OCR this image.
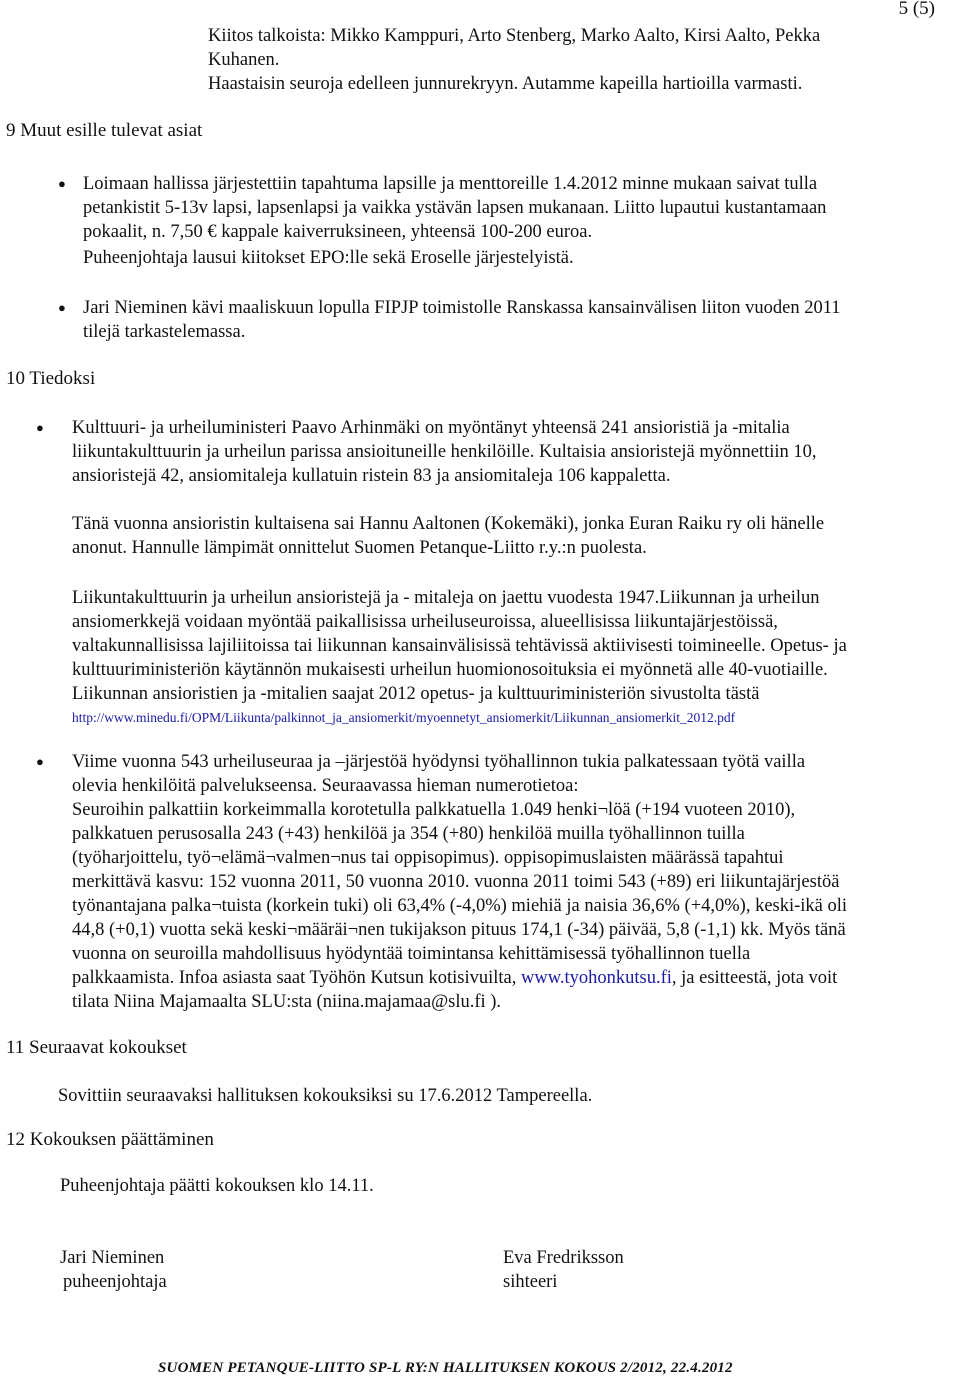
5 (5)

Kiitos talkoista: Mikko Kamppuri, Arto Stenberg, Marko Aalto, Kirsi Aalto, Pekka

Kuhanen.

Haastaisin seuroja edelleen junnurekryyn. Autamme kapeilla hartioilla varmasti.

9 Muut esille tulevat asiat

● Loimaan hallissa järjestettiin tapahtuma lapsille ja menttoreille 1.4.2012 minne mukaan saivat tulla

petankistit 5-13v lapsi, lapsenlapsi ja vaikka ystävän lapsen mukanaan. Liitto lupautui kustantamaan

pokaalit, n. 7,50 € kappale kaiverruksineen, yhteensä 100-200 euroa.

Puheenjohtaja lausui kiitokset EPO:lle sekä Eroselle järjestelyistä.

● Jari Nieminen kävi maaliskuun lopulla FIPJP toimistolle Ranskassa kansainvälisen liiton vuoden 2011

tilejä tarkastelemassa.

10 Tiedoksi

● Kulttuuri- ja urheiluministeri Paavo Arhinmäki on myöntänyt yhteensä 241 ansioristiä ja -mitalia

liikuntakulttuurin ja urheilun parissa ansioituneille henkilöille. Kultaisia ansioristejä myönnettiin 10,

ansioristejä 42, ansiomitaleja kullatuin ristein 83 ja ansiomitaleja 106 kappaletta.

Tänä vuonna ansioristin kultaisena sai Hannu Aaltonen (Kokemäki), jonka Euran Raiku ry oli hänelle

anonut. Hannulle lämpimät onnittelut Suomen Petanque-Liitto r.y.:n puolesta.

Liikuntakulttuurin ja urheilun ansioristejä ja - mitaleja on jaettu vuodesta 1947.Liikunnan ja urheilun

ansiomerkkejä voidaan myöntää paikallisissa urheiluseuroissa, alueellisissa liikuntajärjestöissä,

valtakunnallisissa lajiliitoissa tai liikunnan kansainvälisissä tehtävissä aktiivisesti toimineelle. Opetus- ja

kulttuuriministeriön käytännön mukaisesti urheilun huomionosoituksia ei myönnetä alle 40-vuotiaille.

Liikunnan ansioristien ja -mitalien saajat 2012 opetus- ja kulttuuriministeriön sivustolta tästä

http://www.minedu.fi/OPM/Liikunta/palkinnot_ja_ansiomerkit/myoennetyt_ansiomerkit/Liikunnan_ansiomerkit_2012.pdf
● Viime vuonna 543 urheiluseuraa ja –järjestöä hyödynsi työhallinnon tukia palkatessaan työtä vailla

olevia henkilöitä palvelukseensa. Seuraavassa hieman numerotietoa:

Seuroihin palkattiin korkeimmalla korotetulla palkkatuella 1.049 henki¬löä (+194 vuoteen 2010),

palkkatuen perusosalla 243 (+43) henkilöä ja 354 (+80) henkilöä muilla työhallinnon tuilla

(työharjoittelu, työ¬elämä¬valmen¬nus tai oppisopimus). oppisopimuslaisten määrässä tapahtui

merkittävä kasvu: 152 vuonna 2011, 50 vuonna 2010. vuonna 2011 toimi 543 (+89) eri liikuntajärjestöä

työnantajana palka¬tuista (korkein tuki) oli 63,4% (-4,0%) miehiä ja naisia 36,6% (+4,0%), keski-ikä oli

44,8 (+0,1) vuotta sekä keski¬määräi¬nen tukijakson pituus 174,1 (-34) päivää, 5,8 (-1,1) kk. Myös tänä

vuonna on seuroilla mahdollisuus hyödyntää toimintansa kehittämisessä työhallinnon tuella

palkkaamista. Infoa asiasta saat Työhön Kutsun kotisivuilta, www.tyohonkutsu.fi, ja esitteestä, jota voit

tilata Niina Majamaalta SLU:sta (niina.majamaa@slu.fi ).

11 Seuraavat kokoukset

Sovittiin seuraavaksi hallituksen kokouksiksi su 17.6.2012 Tampereella.

12 Kokouksen päättäminen

Puheenjohtaja päätti kokouksen klo 14.11.

Jari Nieminen

puheenjohtaja

Eva Fredriksson

sihteeri

SUOMEN PETANQUE-LIITTO SP-L RY:N HALLITUKSEN KOKOUS 2/2012, 22.4.2012
